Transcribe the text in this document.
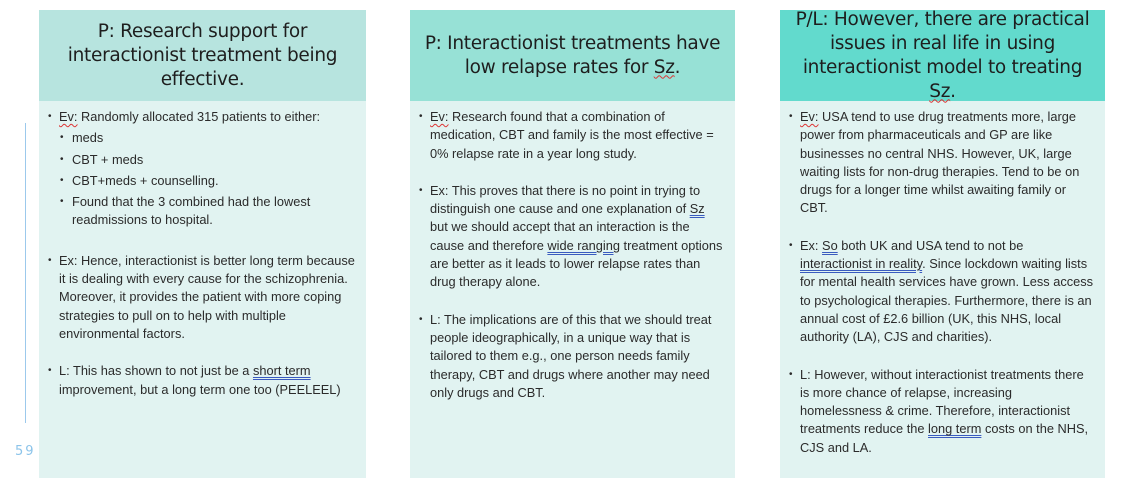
59
P: Research support for interactionist treatment being effective.
• Ev: Randomly allocated 315 patients to either:
• meds
• CBT + meds
• CBT+meds + counselling.
• Found that the 3 combined had the lowest readmissions to hospital.
• Ex: Hence, interactionist is better long term because it is dealing with every cause for the schizophrenia. Moreover, it provides the patient with more coping strategies to pull on to help with multiple environmental factors.
• L: This has shown to not just be a short term improvement, but a long term one too (PEELEEL)
P: Interactionist treatments have low relapse rates for Sz.
• Ev: Research found that a combination of medication, CBT and family is the most effective = 0% relapse rate in a year long study.
• Ex: This proves that there is no point in trying to distinguish one cause and one explanation of Sz but we should accept that an interaction is the cause and therefore wide ranging treatment options are better as it leads to lower relapse rates than drug therapy alone.
• L: The implications are of this that we should treat people ideographically, in a unique way that is tailored to them e.g., one person needs family therapy, CBT and drugs where another may need only drugs and CBT.
P/L: However, there are practical issues in real life in using interactionist model to treating Sz.
• Ev: USA tend to use drug treatments more, large power from pharmaceuticals and GP are like businesses no central NHS. However, UK, large waiting lists for non-drug therapies. Tend to be on drugs for a longer time whilst awaiting family or CBT.
• Ex: So both UK and USA tend to not be interactionist in reality. Since lockdown waiting lists for mental health services have grown. Less access to psychological therapies. Furthermore, there is an annual cost of £2.6 billion (UK, this NHS, local authority (LA), CJS and charities).
• L: However, without interactionist treatments there is more chance of relapse, increasing homelessness & crime. Therefore, interactionist treatments reduce the long term costs on the NHS, CJS and LA.
